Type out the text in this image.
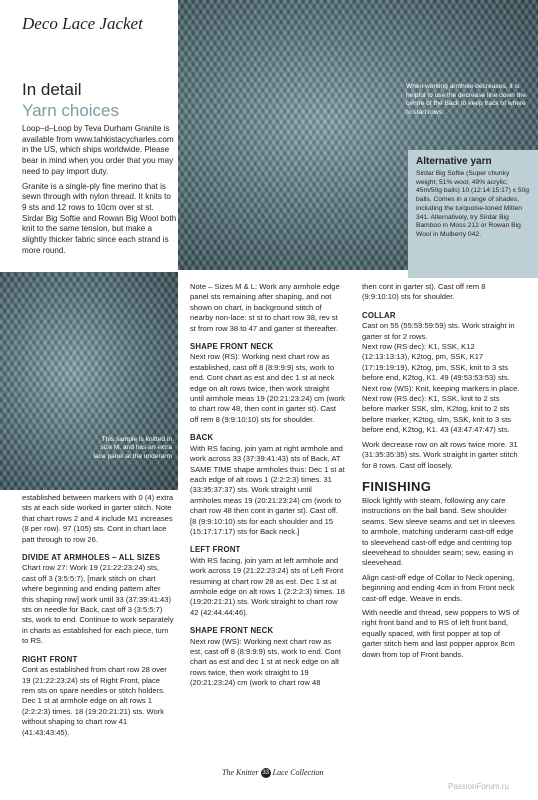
Deco Lace Jacket
When working armhole decreases, it is helpful to use the decrease line down the centre of the Back to keep track of where to start rows.
Alternative yarn
Sirdar Big Softie (Super chunky weight; 51% wool, 49% acrylic; 45m/50g balls) 10 (12:14:15:17) x 50g balls. Comes in a range of shades, including the turquoise-toned Mitten 341. Alternatively, try Sirdar Big Bamboo in Moss 212 or Rowan Big Wool in Mulberry 042.
In detail
Yarn choices
Loop–d–Loop by Teva Durham Granite is available from www.tahkistacycharles.com in the US, which ships worldwide. Please bear in mind when you order that you may need to pay import duty.
Granite is a single-ply fine merino that is sewn through with nylon thread. It knits to 9 sts and 12 rows to 10cm over st st. Sirdar Big Softie and Rowan Big Wool both knit to the same tension, but make a slightly thicker fabric since each strand is more round.
This sample is knitted in size M, and has an extra lace panel at the underarm
established between markers with 0 (4) extra sts at each side worked in garter stitch. Note that chart rows 2 and 4 include M1 increases (8 per row). 97 (105) sts. Cont in chart lace patt through to row 26.
DIVIDE AT ARMHOLES – ALL SIZES
Chart row 27: Work 19 (21:22:23:24) sts, cast off 3 (3:5:5:7), [mark stitch on chart where beginning and ending pattern after this shaping row] work until 33 (37:39:41:43) sts on needle for Back, cast off 3 (3:5:5:7) sts, work to end. Continue to work separately in charts as established for each piece, turn to RS.
RIGHT FRONT
Cont as established from chart row 28 over 19 (21:22:23:24) sts of Right Front, place rem sts on spare needles or stitch holders. Dec 1 st at armhole edge on alt rows 1 (2:2:2:3) times. 18 (19:20:21:21) sts. Work without shaping to chart row 41 (41:43:43:45).
Note – Sizes M & L: Work any armhole edge panel sts remaining after shaping, and not shown on chart, in background stitch of nearby non-lace: st st to chart row 38, rev st st from row 38 to 47 and garter st thereafter.
SHAPE FRONT NECK
Next row (RS): Working next chart row as established, cast off 8 (8:9:9:9) sts, work to end. Cont chart as est and dec 1 st at neck edge on alt rows twice, then work straight until armhole meas 19 (20:21:23:24) cm (work to chart row 48, then cont in garter st). Cast off rem 8 (9:9:10:10) sts for shoulder.
BACK
With RS facing, join yarn at right armhole and work across 33 (37:39:41:43) sts of Back, AT SAME TIME shape armholes thus: Dec 1 st at each edge of alt rows 1 (2:2:2:3) times. 31 (33:35:37:37) sts. Work straight until armholes meas 19 (20:21:23:24) cm (work to chart row 48 then cont in garter st). Cast off. [8 (9:9:10:10) sts for each shoulder and 15 (15:17:17:17) sts for Back neck.]
LEFT FRONT
With RS facing, join yarn at left armhole and work across 19 (21:22:23:24) sts of Left Front resuming at chart row 28 as est. Dec 1 st at armhole edge on alt rows 1 (2:2:2:3) times. 18 (19:20:21:21) sts. Work straight to chart row 42 (42:44:44:46).
SHAPE FRONT NECK
Next row (WS): Working next chart row as est, cast off 8 (8:9:9:9) sts, work to end. Cont chart as est and dec 1 st at neck edge on alt rows twice, then work straight to 19 (20:21:23:24) cm (work to chart row 48
then cont in garter st). Cast off rem 8 (9:9:10:10) sts for shoulder.
COLLAR
Cast on 55 (55:59:59:59) sts. Work straight in garter st for 2 rows.
Next row (RS dec): K1, SSK, K12 (12:13:13:13), K2tog, pm, SSK, K17 (17:19:19:19), K2tog, pm, SSK, knit to 3 sts before end, K2tog, K1. 49 (49:53:53:53) sts.
Next row (WS): Knit, keeping markers in place.
Next row (RS dec): K1, SSK, knit to 2 sts before marker SSK, slm, K2tog, knit to 2 sts before marker, K2tog, slm, SSK, knit to 3 sts before end, K2tog, K1. 43 (43:47:47:47) sts.
Work decrease row on alt rows twice more. 31 (31:35:35:35) sts. Work straight in garter stitch for 8 rows. Cast off loosely.
FINISHING
Block lightly with steam, following any care instructions on the ball band. Sew shoulder seams. Sew sleeve seams and set in sleeves to armhole, matching underarm cast-off edge to sleevehead cast-off edge and centring top sleevehead to shoulder seam; sew, easing in sleevehead.
Align cast-off edge of Collar to Neck opening, beginning and ending 4cm in from Front neck cast-off edge. Weave in ends.
With needle and thread, sew poppers to WS of right front band and to RS of left front band, equally spaced, with first popper at top of garter stitch hem and last popper approx 8cm down from top of Front bands.
The Knitter 33 Lace Collection
PassionForum.ru
